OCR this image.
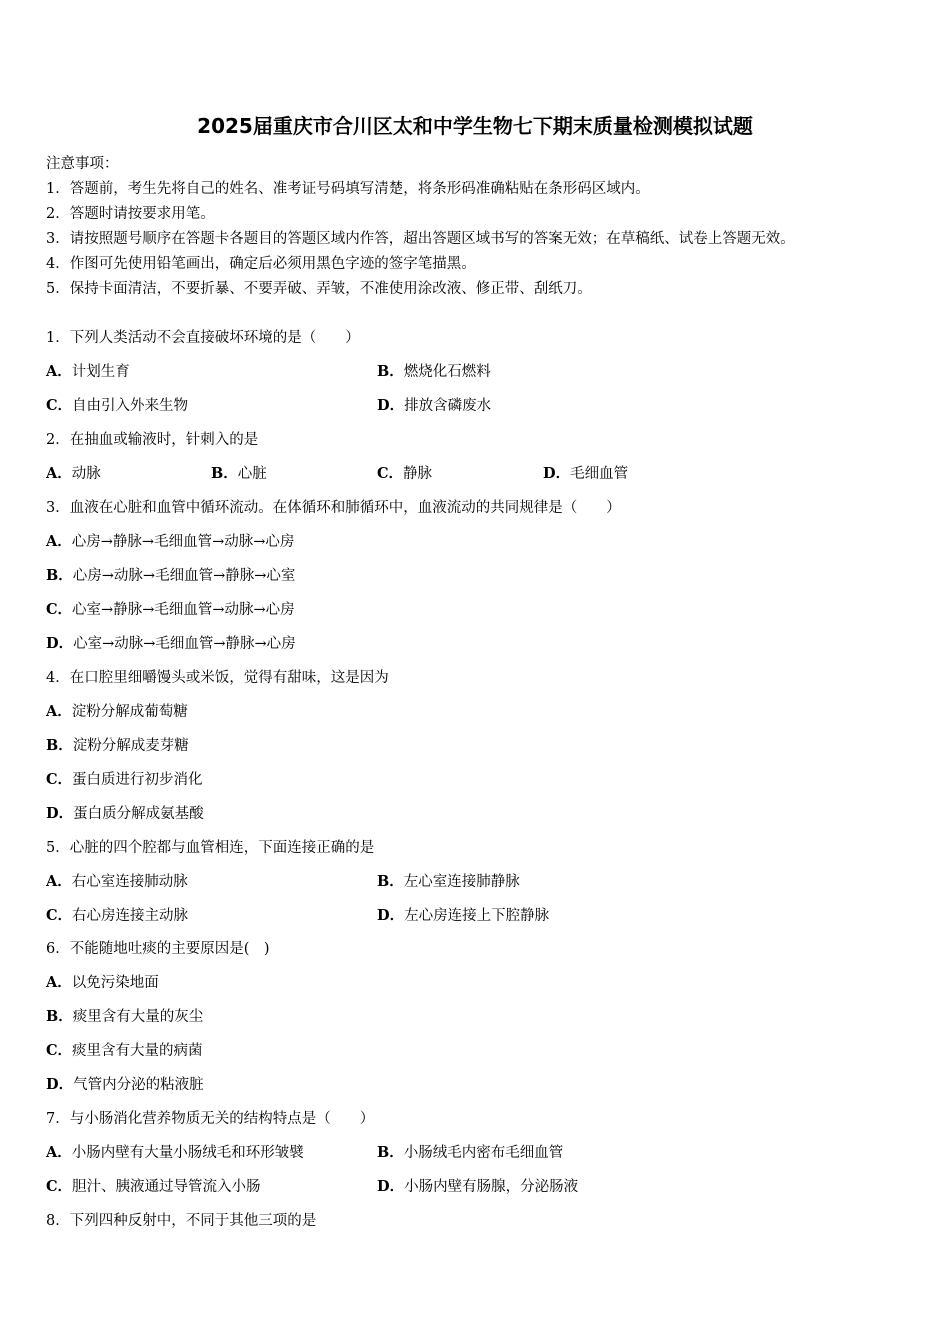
2025届重庆市合川区太和中学生物七下期末质量检测模拟试题
注意事项：
1．答题前，考生先将自己的姓名、准考证号码填写清楚，将条形码准确粘贴在条形码区域内。
2．答题时请按要求用笔。
3．请按照题号顺序在答题卡各题目的答题区域内作答，超出答题区域书写的答案无效；在草稿纸、试卷上答题无效。
4．作图可先使用铅笔画出，确定后必须用黑色字迹的签字笔描黑。
5．保持卡面清洁，不要折暴、不要弄破、弄皱，不准使用涂改液、修正带、刮纸刀。
1．下列人类活动不会直接破坏环境的是（　　）
A．计划生育	B．燃烧化石燃料
C．自由引入外来生物	D．排放含磷废水
2．在抽血或输液时，针刺入的是
A．动脉	B．心脏	C．静脉	D．毛细血管
3．血液在心脏和血管中循环流动。在体循环和肺循环中，血液流动的共同规律是（　　）
A．心房→静脉→毛细血管→动脉→心房
B．心房→动脉→毛细血管→静脉→心室
C．心室→静脉→毛细血管→动脉→心房
D．心室→动脉→毛细血管→静脉→心房
4．在口腔里细嚼馒头或米饭，觉得有甜味，这是因为
A．淀粉分解成葡萄糖
B．淀粉分解成麦芽糖
C．蛋白质进行初步消化
D．蛋白质分解成氨基酸
5．心脏的四个腔都与血管相连，下面连接正确的是
A．右心室连接肺动脉	B．左心室连接肺静脉
C．右心房连接主动脉	D．左心房连接上下腔静脉
6．不能随地吐痰的主要原因是(　)
A．以免污染地面
B．痰里含有大量的灰尘
C．痰里含有大量的病菌
D．气管内分泌的粘液脏
7．与小肠消化营养物质无关的结构特点是（　　）
A．小肠内壁有大量小肠绒毛和环形皱襞	B．小肠绒毛内密布毛细血管
C．胆汁、胰液通过导管流入小肠	D．小肠内壁有肠腺，分泌肠液
8．下列四种反射中，不同于其他三项的是
